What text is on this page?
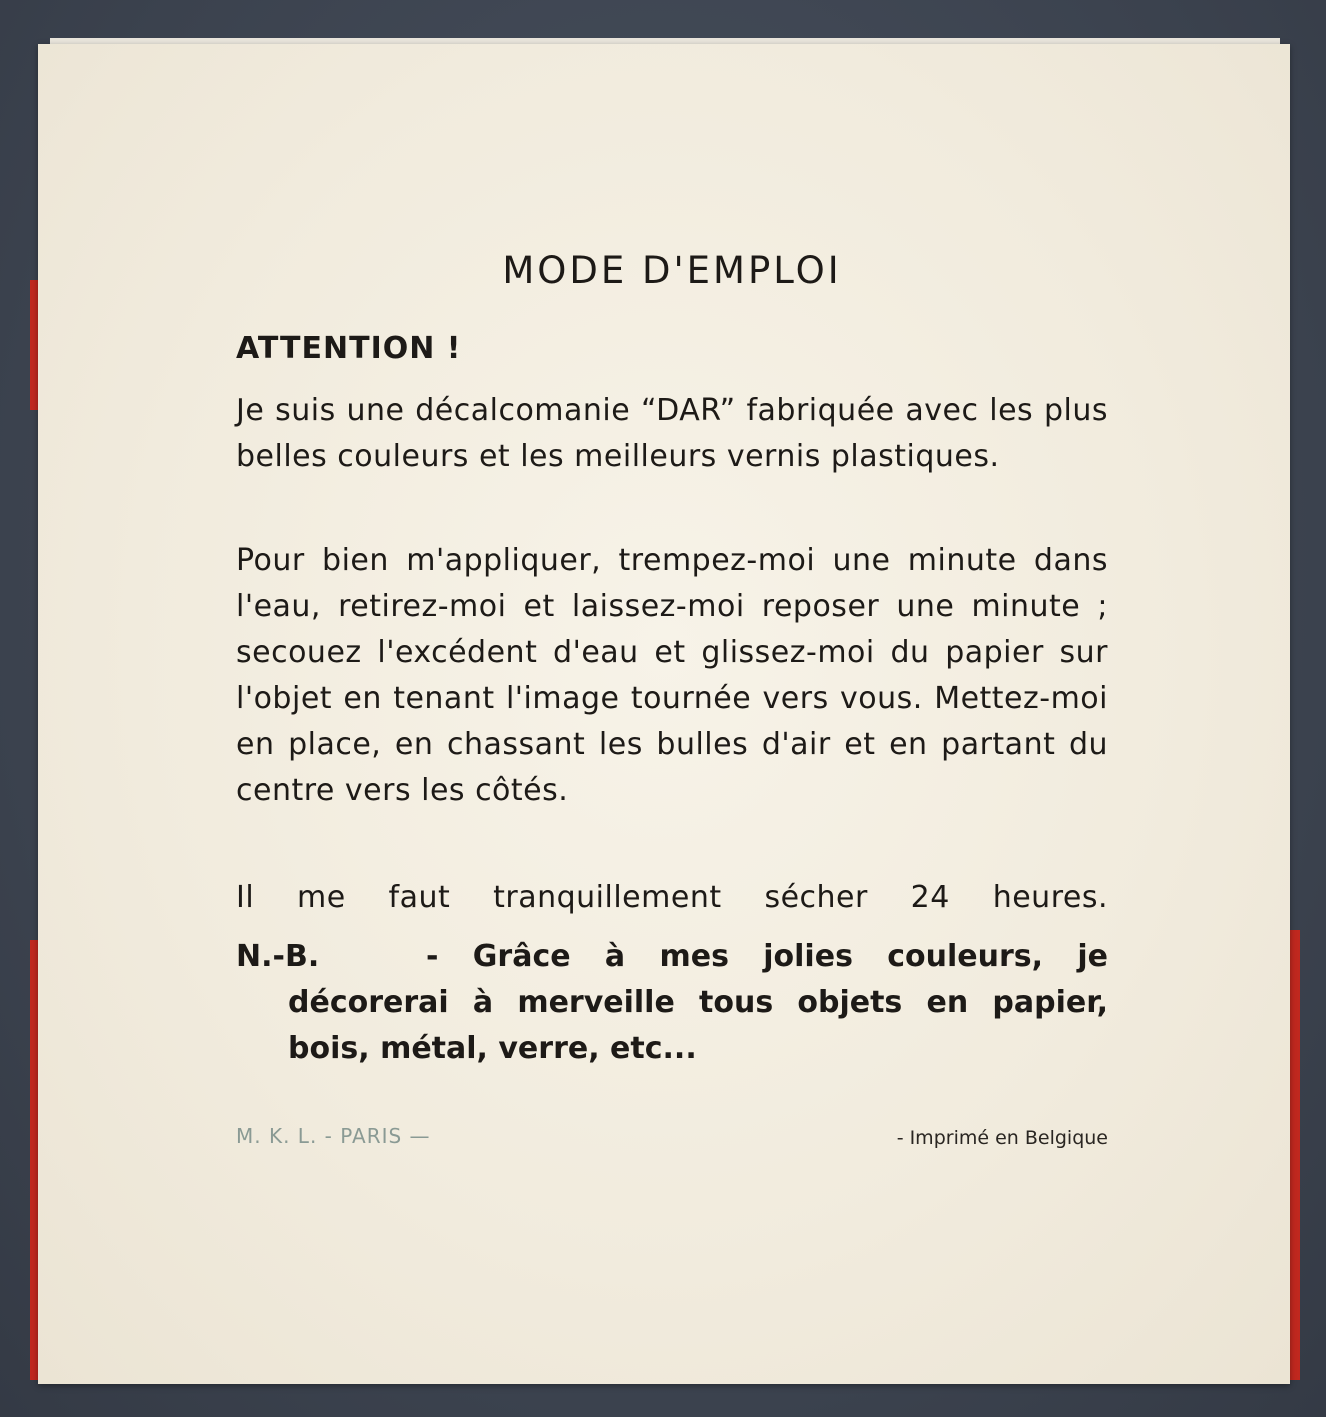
MODE D'EMPLOI

ATTENTION !

Je suis une décalcomanie “DAR” fabriquée avec les plus belles couleurs et les meilleurs vernis plastiques.

Pour bien m'appliquer, trempez-moi une minute dans l'eau, retirez-moi et laissez-moi reposer une minute ; secouez l'excédent d'eau et glissez-moi du papier sur l'objet en tenant l'image tournée vers vous. Mettez-moi en place, en chassant les bulles d'air et en partant du centre vers les côtés.

Il me faut tranquillement sécher 24 heures.

N.-B.	- Grâce à mes jolies couleurs, je décorerai à merveille tous objets en papier, bois, métal, verre, etc...

M. K. L. - PARIS —	- Imprimé en Belgique
